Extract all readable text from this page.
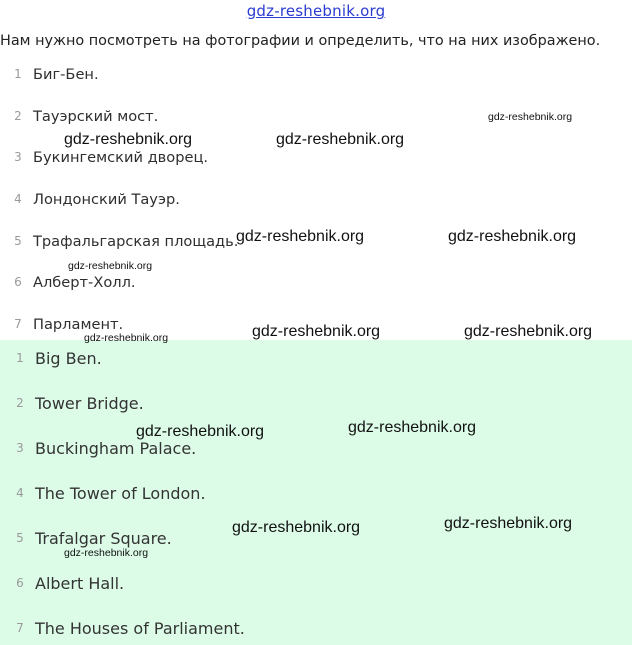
gdz-reshebnik.org
Нам нужно посмотреть на фотографии и определить, что на них изображено.
1 Биг-Бен.
2 Тауэрский мост.
3 Букингемский дворец.
4 Лондонский Тауэр.
5 Трафальгарская площадь.
6 Алберт-Холл.
7 Парламент.
1 Big Ben.
2 Tower Bridge.
3 Buckingham Palace.
4 The Tower of London.
5 Trafalgar Square.
6 Albert Hall.
7 The Houses of Parliament.
gdz-reshebnik.org
gdz-reshebnik.org	gdz-reshebnik.org
gdz-reshebnik.org	gdz-reshebnik.org
gdz-reshebnik.org
gdz-reshebnik.org	gdz-reshebnik.org
gdz-reshebnik.org
gdz-reshebnik.org	gdz-reshebnik.org
gdz-reshebnik.org	gdz-reshebnik.org
gdz-reshebnik.org
